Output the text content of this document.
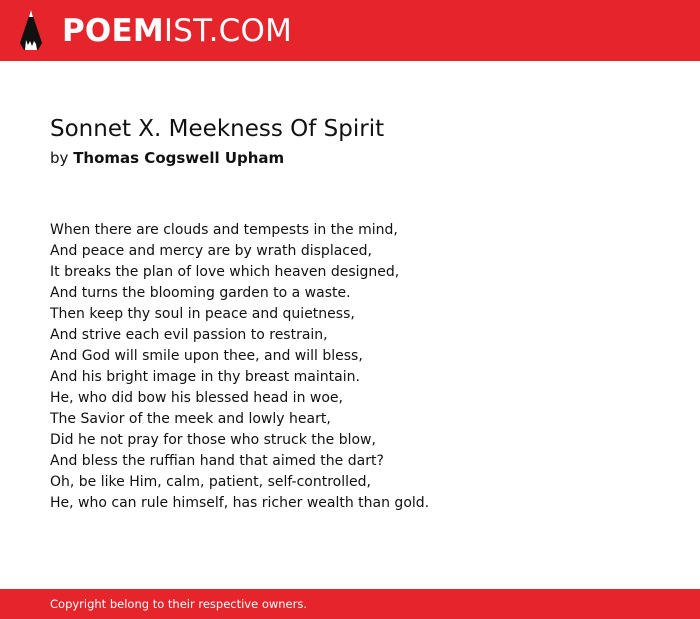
POEMIST.COM
Sonnet X. Meekness Of Spirit
by Thomas Cogswell Upham
When there are clouds and tempests in the mind,
And peace and mercy are by wrath displaced,
It breaks the plan of love which heaven designed,
And turns the blooming garden to a waste.
Then keep thy soul in peace and quietness,
And strive each evil passion to restrain,
And God will smile upon thee, and will bless,
And his bright image in thy breast maintain.
He, who did bow his blessed head in woe,
The Savior of the meek and lowly heart,
Did he not pray for those who struck the blow,
And bless the ruffian hand that aimed the dart?
Oh, be like Him, calm, patient, self-controlled,
He, who can rule himself, has richer wealth than gold.
Copyright belong to their respective owners.
